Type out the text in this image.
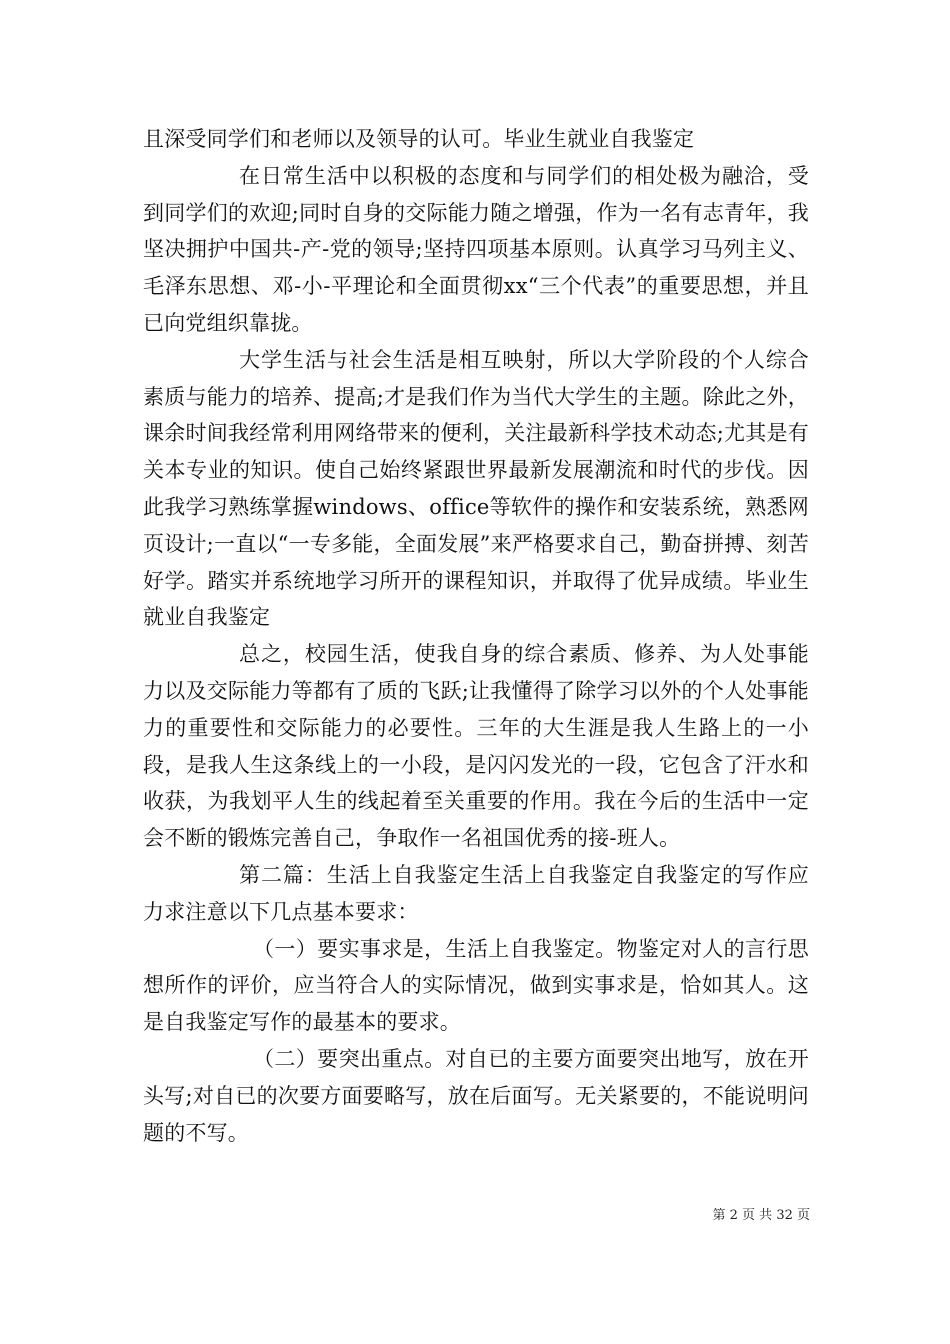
且深受同学们和老师以及领导的认可。毕业生就业自我鉴定

在日常生活中以积极的态度和与同学们的相处极为融洽，受到同学们的欢迎;同时自身的交际能力随之增强，作为一名有志青年，我坚决拥护中国共-产-党的领导;坚持四项基本原则。认真学习马列主义、毛泽东思想、邓-小-平理论和全面贯彻xx“三个代表”的重要思想，并且已向党组织靠拢。

大学生活与社会生活是相互映射，所以大学阶段的个人综合素质与能力的培养、提高;才是我们作为当代大学生的主题。除此之外，课余时间我经常利用网络带来的便利，关注最新科学技术动态;尤其是有关本专业的知识。使自己始终紧跟世界最新发展潮流和时代的步伐。因此我学习熟练掌握windows、office等软件的操作和安装系统，熟悉网页设计;一直以“一专多能，全面发展”来严格要求自己，勤奋拼搏、刻苦好学。踏实并系统地学习所开的课程知识，并取得了优异成绩。毕业生就业自我鉴定

总之，校园生活，使我自身的综合素质、修养、为人处事能力以及交际能力等都有了质的飞跃;让我懂得了除学习以外的个人处事能力的重要性和交际能力的必要性。三年的大生涯是我人生路上的一小段，是我人生这条线上的一小段，是闪闪发光的一段，它包含了汗水和收获，为我划平人生的线起着至关重要的作用。我在今后的生活中一定会不断的锻炼完善自己，争取作一名祖国优秀的接-班人。

第二篇：生活上自我鉴定生活上自我鉴定自我鉴定的写作应力求注意以下几点基本要求：

（一）要实事求是，生活上自我鉴定。物鉴定对人的言行思想所作的评价，应当符合人的实际情况，做到实事求是，恰如其人。这是自我鉴定写作的最基本的要求。

（二）要突出重点。对自已的主要方面要突出地写，放在开头写;对自已的次要方面要略写，放在后面写。无关紧要的，不能说明问题的不写。

第 2 页 共 32 页
